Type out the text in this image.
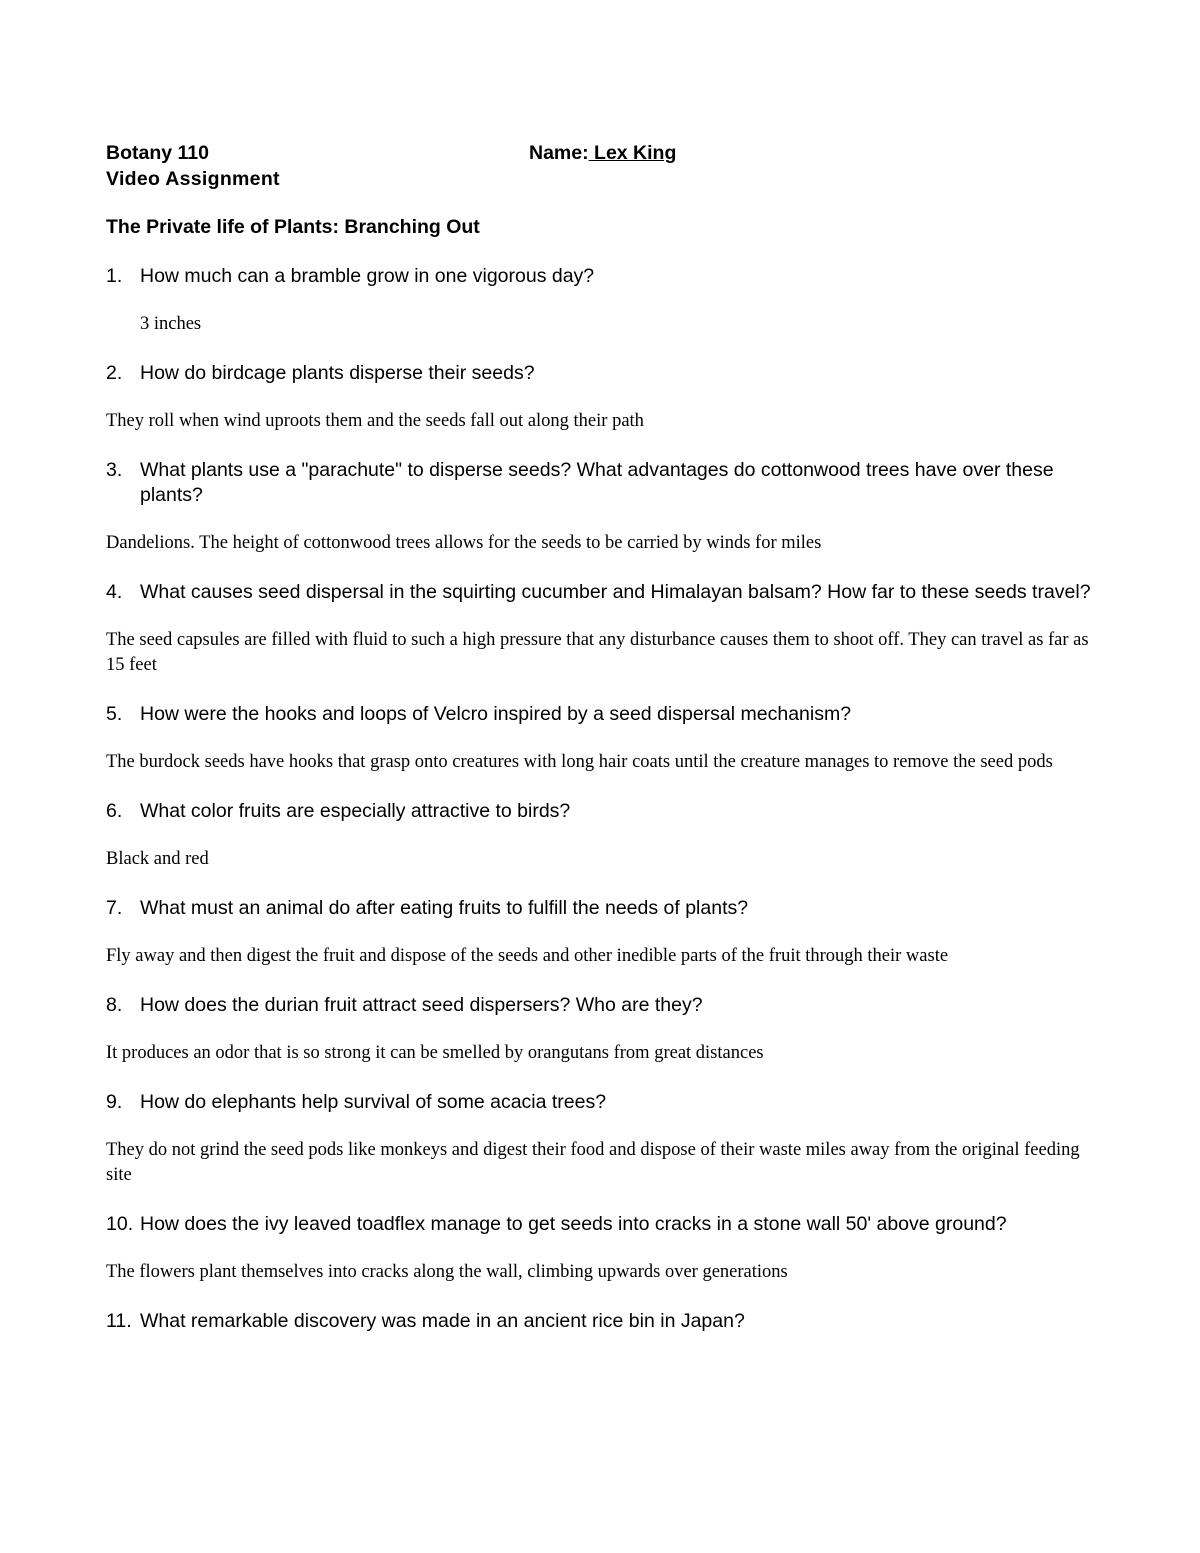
Botany 110	Name: Lex King
Video Assignment
The Private life of Plants: Branching Out
1. How much can a bramble grow in one vigorous day?
3 inches
2. How do birdcage plants disperse their seeds?
They roll when wind uproots them and the seeds fall out along their path
3. What plants use a "parachute" to disperse seeds? What advantages do cottonwood trees have over these plants?
Dandelions. The height of cottonwood trees allows for the seeds to be carried by winds for miles
4. What causes seed dispersal in the squirting cucumber and Himalayan balsam? How far to these seeds travel?
The seed capsules are filled with fluid to such a high pressure that any disturbance causes them to shoot off. They can travel as far as 15 feet
5. How were the hooks and loops of Velcro inspired by a seed dispersal mechanism?
The burdock seeds have hooks that grasp onto creatures with long hair coats until the creature manages to remove the seed pods
6. What color fruits are especially attractive to birds?
Black and red
7. What must an animal do after eating fruits to fulfill the needs of plants?
Fly away and then digest the fruit and dispose of the seeds and other inedible parts of the fruit through their waste
8. How does the durian fruit attract seed dispersers? Who are they?
It produces an odor that is so strong it can be smelled by orangutans from great distances
9. How do elephants help survival of some acacia trees?
They do not grind the seed pods like monkeys and digest their food and dispose of their waste miles away from the original feeding site
10. How does the ivy leaved toadflex manage to get seeds into cracks in a stone wall 50' above ground?
The flowers plant themselves into cracks along the wall, climbing upwards over generations
11. What remarkable discovery was made in an ancient rice bin in Japan?
